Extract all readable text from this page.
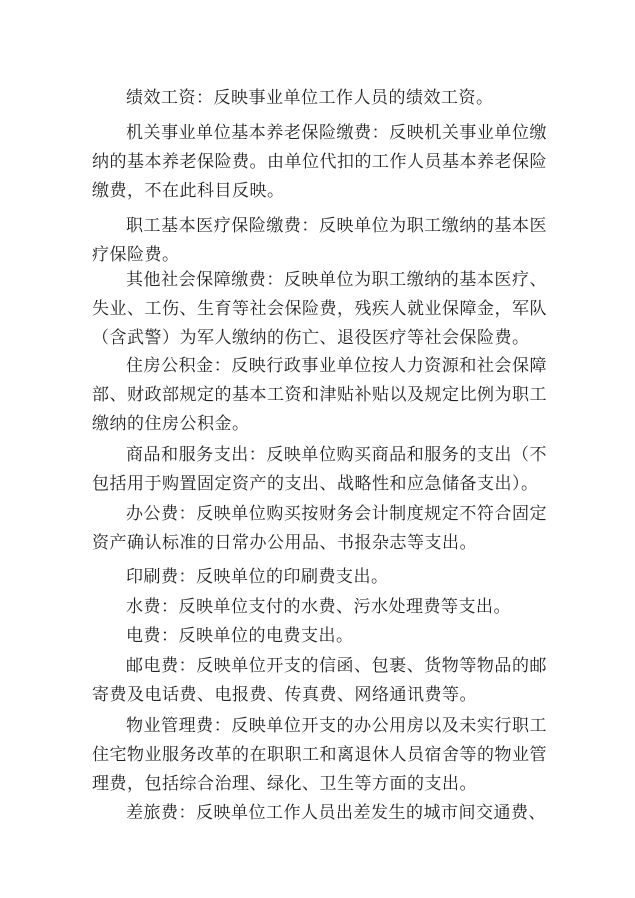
绩效工资：反映事业单位工作人员的绩效工资。

机关事业单位基本养老保险缴费：反映机关事业单位缴纳的基本养老保险费。由单位代扣的工作人员基本养老保险缴费，不在此科目反映。

职工基本医疗保险缴费：反映单位为职工缴纳的基本医疗保险费。

其他社会保障缴费：反映单位为职工缴纳的基本医疗、失业、工伤、生育等社会保险费，残疾人就业保障金，军队（含武警）为军人缴纳的伤亡、退役医疗等社会保险费。

住房公积金：反映行政事业单位按人力资源和社会保障部、财政部规定的基本工资和津贴补贴以及规定比例为职工缴纳的住房公积金。

商品和服务支出：反映单位购买商品和服务的支出（不包括用于购置固定资产的支出、战略性和应急储备支出）。

办公费：反映单位购买按财务会计制度规定不符合固定资产确认标准的日常办公用品、书报杂志等支出。

印刷费：反映单位的印刷费支出。

水费：反映单位支付的水费、污水处理费等支出。

电费：反映单位的电费支出。

邮电费：反映单位开支的信函、包裹、货物等物品的邮寄费及电话费、电报费、传真费、网络通讯费等。

物业管理费：反映单位开支的办公用房以及未实行职工住宅物业服务改革的在职职工和离退休人员宿舍等的物业管理费，包括综合治理、绿化、卫生等方面的支出。

差旅费：反映单位工作人员出差发生的城市间交通费、
